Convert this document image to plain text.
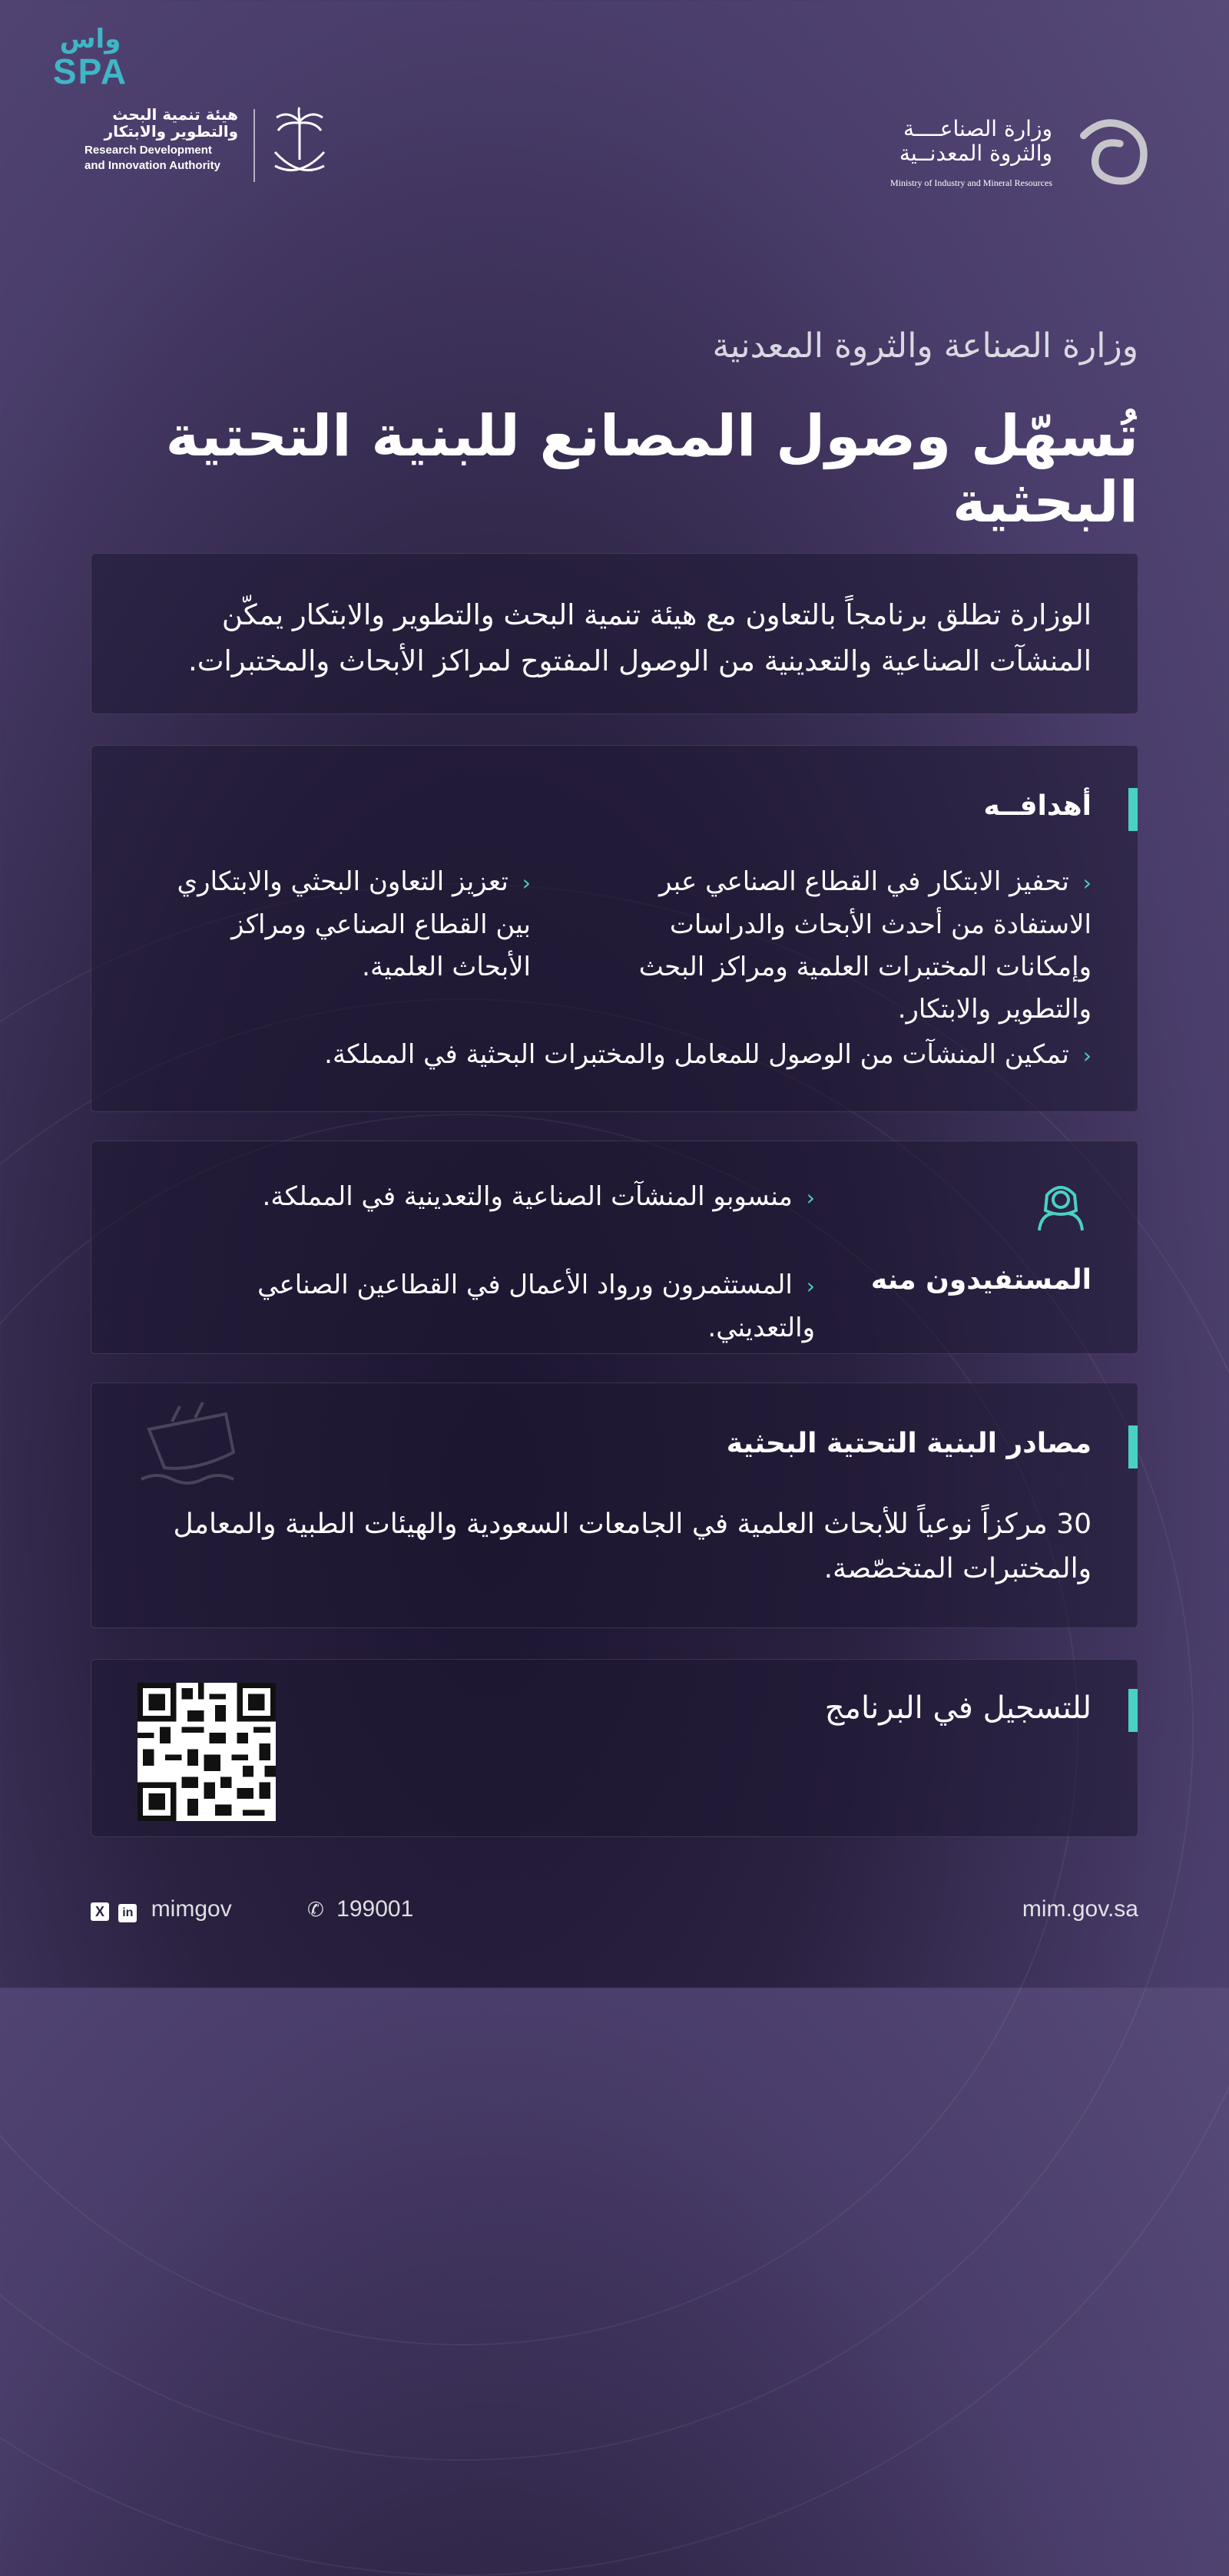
واس
SPA
هيئة تنمية البحث
والتطوير والابتكار
Research Development
and Innovation Authority
وزارة الصناعــــة
والثروة المعدنــية
Ministry of Industry and Mineral Resources
وزارة الصناعة والثروة المعدنية
تُسهّل وصول المصانع للبنية التحتية البحثية
الوزارة تطلق برنامجاً بالتعاون مع هيئة تنمية البحث والتطوير والابتكار يمكّن المنشآت الصناعية والتعدينية من الوصول المفتوح لمراكز الأبحاث والمختبرات.
أهدافــه
‹تحفيز الابتكار في القطاع الصناعي عبر الاستفادة من أحدث الأبحاث والدراسات وإمكانات المختبرات العلمية ومراكز البحث والتطوير والابتكار.
‹تعزيز التعاون البحثي والابتكاري بين القطاع الصناعي ومراكز الأبحاث العلمية.
‹تمكين المنشآت من الوصول للمعامل والمختبرات البحثية في المملكة.
المستفيدون منه
‹منسوبو المنشآت الصناعية والتعدينية في المملكة.
‹المستثمرون ورواد الأعمال في القطاعين الصناعي والتعديني.
مصادر البنية التحتية البحثية
30 مركزاً نوعياً للأبحاث العلمية في الجامعات السعودية والهيئات الطبية والمعامل والمختبرات المتخصّصة.
للتسجيل في البرنامج
X in mimgov	✆ 199001	mim.gov.sa
